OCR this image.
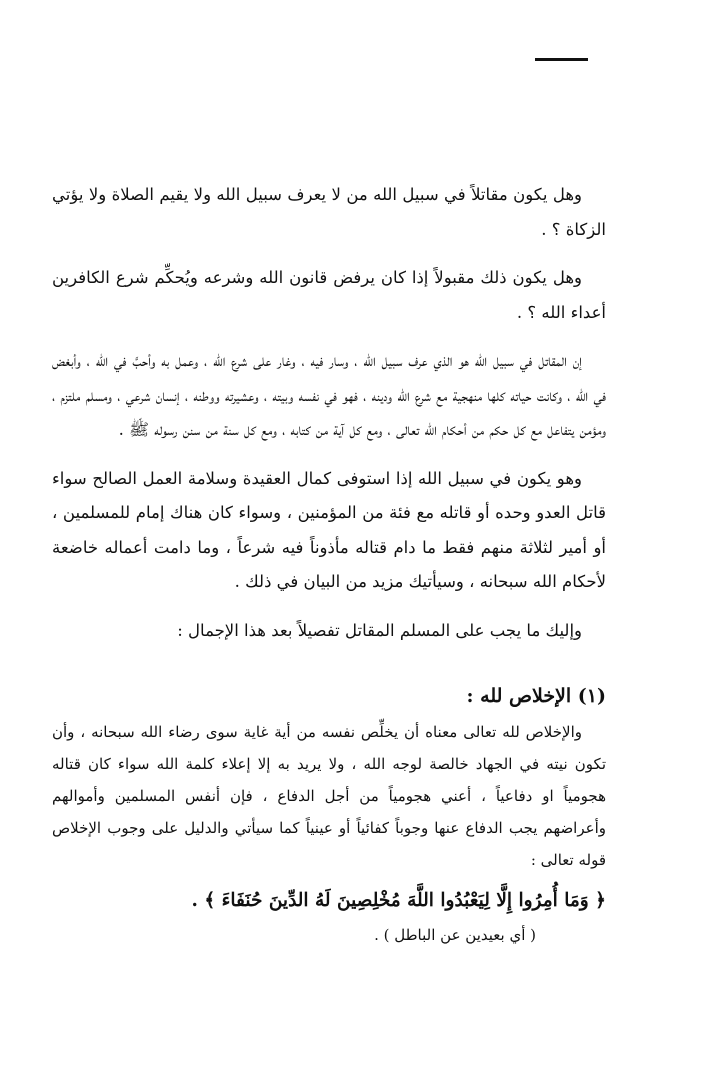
وهل يكون مقاتلاً في سبيل الله من لا يعرف سبيل الله ولا يقيم الصلاة ولا يؤتي الزكاة ؟ .

وهل يكون ذلك مقبولاً إذا كان يرفض قانون الله وشرعه ويُحكِّم شرع الكافرين أعداء الله ؟ .

إن المقاتل في سبيل الله هو الذي عرف سبيل الله ، وسار فيه ، وغار على شرع الله ، وعمل به وأحبَّ في الله ، وأبغض في الله ، وكانت حياته كلها منهجية مع شرع الله ودينه ، فهو في نفسه وبيته ، وعشيرته ووطنه ، إنسان شرعي ، ومسلم ملتزم ، ومؤمن يتفاعل مع كل حكم من أحكام الله تعالى ، ومع كل آية من كتابه ، ومع كل سنة من سنن رسوله ﷺ .

وهو يكون في سبيل الله إذا استوفى كمال العقيدة وسلامة العمل الصالح سواء قاتل العدو وحده أو قاتله مع فئة من المؤمنين ، وسواء كان هناك إمام للمسلمين ، أو أمير لثلاثة منهم فقط ما دام قتاله مأذوناً فيه شرعاً ، وما دامت أعماله خاضعة لأحكام الله سبحانه ، وسيأتيك مزيد من البيان في ذلك .

وإليك ما يجب على المسلم المقاتل تفصيلاً بعد هذا الإجمال :

(١) الإخلاص لله :

والإخلاص لله تعالى معناه أن يخلِّص نفسه من أية غاية سوى رضاء الله سبحانه ، وأن تكون نيته في الجهاد خالصة لوجه الله ، ولا يريد به إلا إعلاء كلمة الله سواء كان قتاله هجومياً او دفاعياً ، أعني هجومياً من أجل الدفاع ، فإن أنفس المسلمين وأموالهم وأعراضهم يجب الدفاع عنها وجوباً كفائياً أو عينياً كما سيأتي والدليل على وجوب الإخلاص قوله تعالى :

﴿ وَمَا أُمِرُوا إِلَّا لِيَعْبُدُوا اللَّهَ مُخْلِصِينَ لَهُ الدِّينَ حُنَفَاءَ ﴾ .

( أي بعيدين عن الباطل ) .
